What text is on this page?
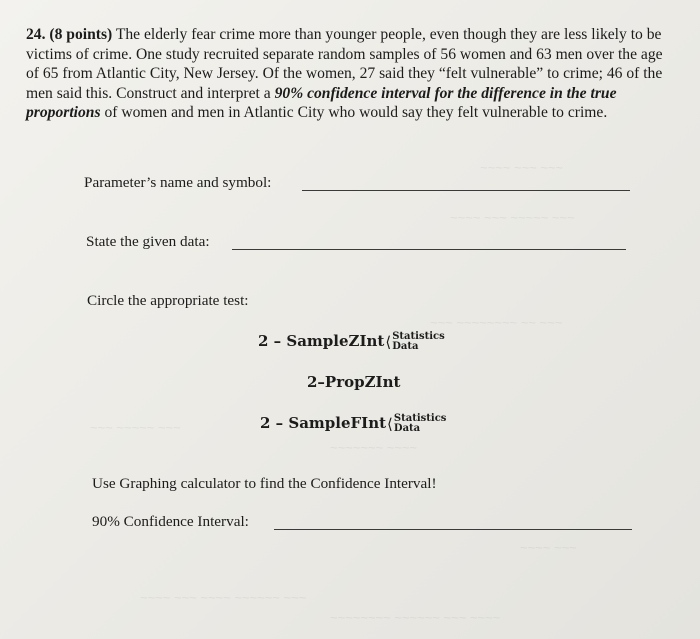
~~~~ ~~~ ~~~
~~~~ ~~~ ~~~~~ ~~~
~~~ ~~~~~~~~ ~~ ~~~
~~~ ~~~~~ ~~~
~~~~~~~ ~~~~
~~~~ ~~~
~~~~ ~~~ ~~~~ ~~~~~~ ~~~
~~~~~~~~ ~~~~~~ ~~~ ~~~~

24. (8 points) The elderly fear crime more than younger people, even though they are less likely to be victims of crime. One study recruited separate random samples of 56 women and 63 men over the age of 65 from Atlantic City, New Jersey. Of the women, 27 said they “felt vulnerable” to crime; 46 of the men said this. Construct and interpret a 90% confidence interval for the difference in the true proportions of women and men in Atlantic City who would say they felt vulnerable to crime.

Parameter’s name and symbol:
State the given data:
Circle the appropriate test:
2 – SampleZInt⟨Statistics
Data
2–PropZInt
2 – SampleFInt⟨Statistics
Data
Use Graphing calculator to find the Confidence Interval!
90% Confidence Interval:
